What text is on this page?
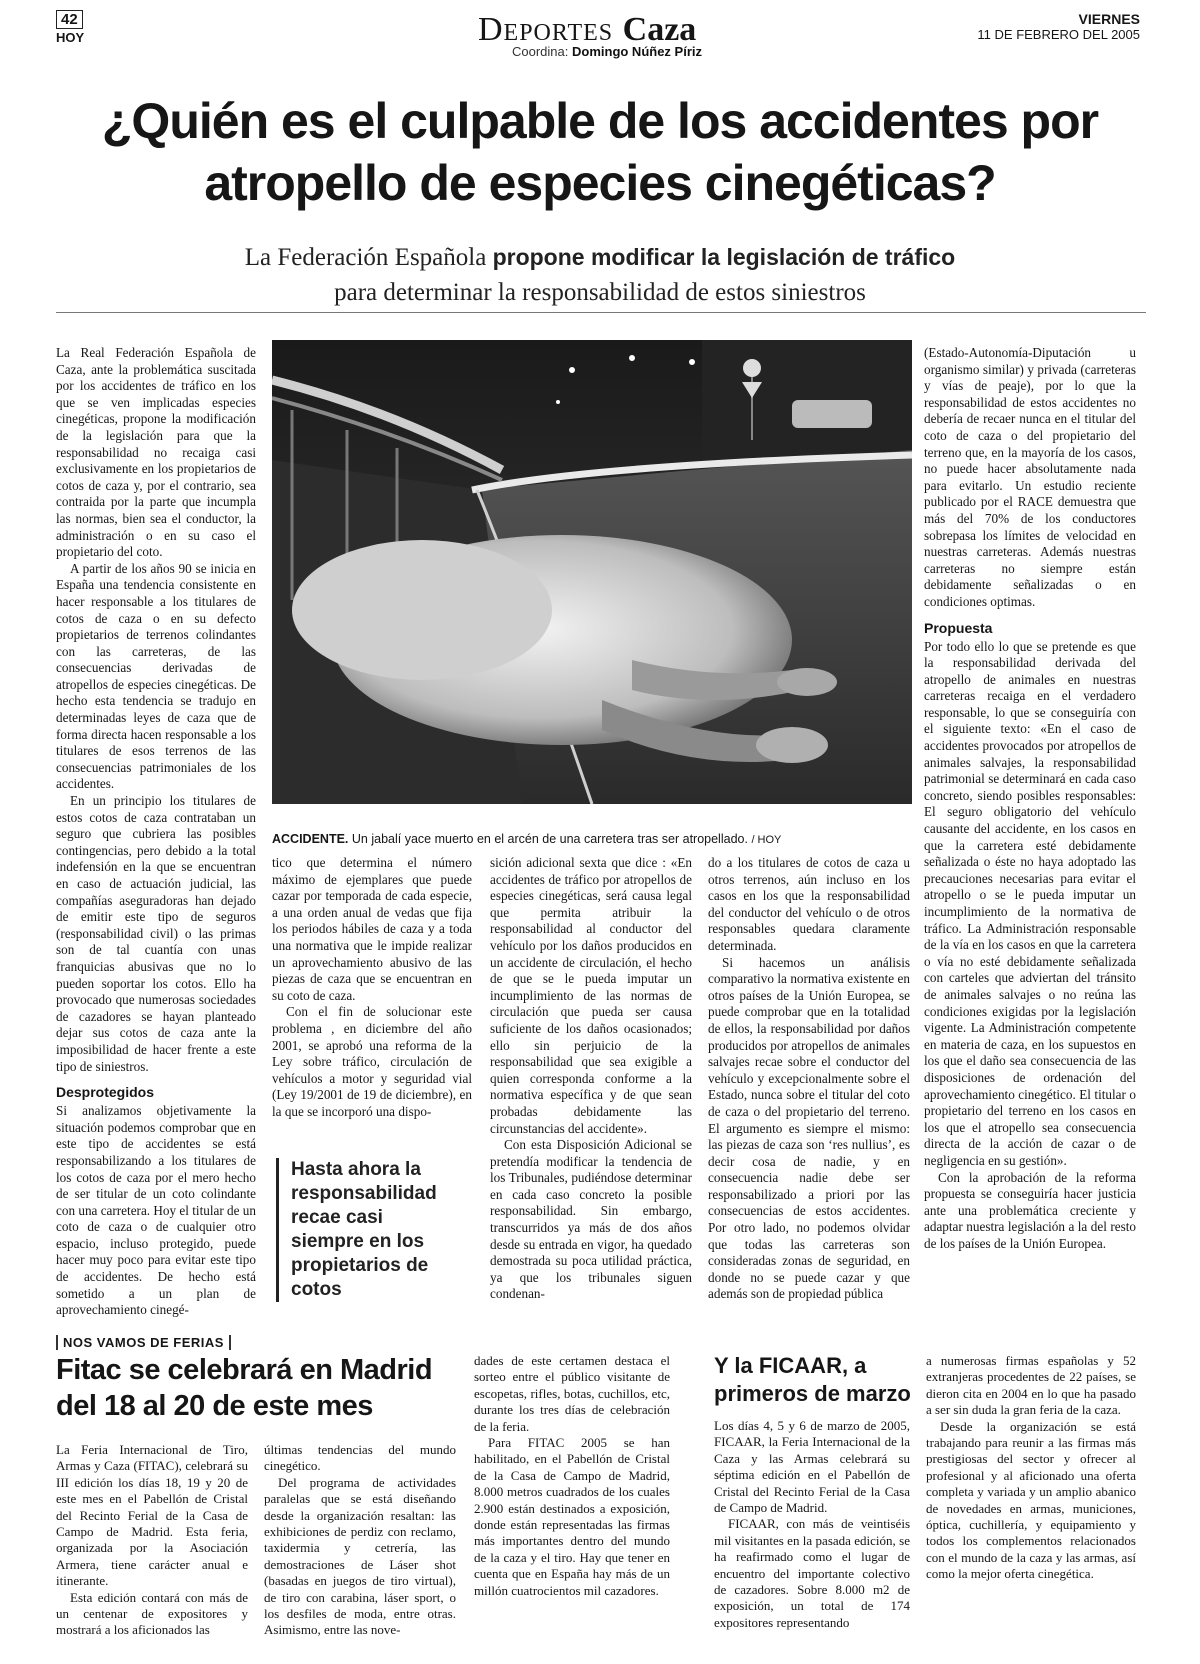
42
HOY	Deportes Caza
Coordina: Domingo Núñez Píriz
VIERNES
11 DE FEBRERO DEL 2005
¿Quién es el culpable de los accidentes por atropello de especies cinegéticas?
La Federación Española propone modificar la legislación de tráfico
para determinar la responsabilidad de estos siniestros

La Real Federación Española de Caza, ante la problemática suscitada por los accidentes de tráfico en los que se ven implicadas especies cinegéticas, propone la modificación de la legislación para que la responsabilidad no recaiga casi exclusivamente en los propietarios de cotos de caza y, por el contrario, sea contraida por la parte que incumpla las normas, bien sea el conductor, la administración o en su caso el propietario del coto.

A partir de los años 90 se inicia en España una tendencia consistente en hacer responsable a los titulares de cotos de caza o en su defecto propietarios de terrenos colindantes con las carreteras, de las consecuencias derivadas de atropellos de especies cinegéticas. De hecho esta tendencia se tradujo en determinadas leyes de caza que de forma directa hacen responsable a los titulares de esos terrenos de las consecuencias patrimoniales de los accidentes.

En un principio los titulares de estos cotos de caza contrataban un seguro que cubriera las posibles contingencias, pero debido a la total indefensión en la que se encuentran en caso de actuación judicial, las compañías aseguradoras han dejado de emitir este tipo de seguros (responsabilidad civil) o las primas son de tal cuantía con unas franquicias abusivas que no lo pueden soportar los cotos. Ello ha provocado que numerosas sociedades de cazadores se hayan planteado dejar sus cotos de caza ante la imposibilidad de hacer frente a este tipo de siniestros.

Desprotegidos

Si analizamos objetivamente la situación podemos comprobar que en este tipo de accidentes se está responsabilizando a los titulares de los cotos de caza por el mero hecho de ser titular de un coto colindante con una carretera. Hoy el titular de un coto de caza o de cualquier otro espacio, incluso protegido, puede hacer muy poco para evitar este tipo de accidentes. De hecho está sometido a un plan de aprovechamiento cinegé-

ACCIDENTE. Un jabalí yace muerto en el arcén de una carretera tras ser atropellado. / HOY

tico que determina el número máximo de ejemplares que puede cazar por temporada de cada especie, a una orden anual de vedas que fija los periodos hábiles de caza y a toda una normativa que le impide realizar un aprovechamiento abusivo de las piezas de caza que se encuentran en su coto de caza.

Con el fin de solucionar este problema , en diciembre del año 2001, se aprobó una reforma de la Ley sobre tráfico, circulación de vehículos a motor y seguridad vial (Ley 19/2001 de 19 de diciembre), en la que se incorporó una dispo-

Hasta ahora la responsabilidad recae casi siempre en los propietarios de cotos

sición adicional sexta que dice : «En accidentes de tráfico por atropellos de especies cinegéticas, será causa legal que permita atribuir la responsabilidad al conductor del vehículo por los daños producidos en un accidente de circulación, el hecho de que se le pueda imputar un incumplimiento de las normas de circulación que pueda ser causa suficiente de los daños ocasionados; ello sin perjuicio de la responsabilidad que sea exigible a quien corresponda conforme a la normativa específica y de que sean probadas debidamente las circunstancias del accidente».

Con esta Disposición Adicional se pretendía modificar la tendencia de los Tribunales, pudiéndose determinar en cada caso concreto la posible responsabilidad. Sin embargo, transcurridos ya más de dos años desde su entrada en vigor, ha quedado demostrada su poca utilidad práctica, ya que los tribunales siguen condenan-

do a los titulares de cotos de caza u otros terrenos, aún incluso en los casos en los que la responsabilidad del conductor del vehículo o de otros responsables quedara claramente determinada.

Si hacemos un análisis comparativo la normativa existente en otros países de la Unión Europea, se puede comprobar que en la totalidad de ellos, la responsabilidad por daños producidos por atropellos de animales salvajes recae sobre el conductor del vehículo y excepcionalmente sobre el Estado, nunca sobre el titular del coto de caza o del propietario del terreno. El argumento es siempre el mismo: las piezas de caza son ‘res nullius’, es decir cosa de nadie, y en consecuencia nadie debe ser responsabilizado a priori por las consecuencias de estos accidentes. Por otro lado, no podemos olvidar que todas las carreteras son consideradas zonas de seguridad, en donde no se puede cazar y que además son de propiedad pública

(Estado-Autonomía-Diputación u organismo similar) y privada (carreteras y vías de peaje), por lo que la responsabilidad de estos accidentes no debería de recaer nunca en el titular del coto de caza o del propietario del terreno que, en la mayoría de los casos, no puede hacer absolutamente nada para evitarlo. Un estudio reciente publicado por el RACE demuestra que más del 70% de los conductores sobrepasa los límites de velocidad en nuestras carreteras. Además nuestras carreteras no siempre están debidamente señalizadas o en condiciones optimas.

Propuesta

Por todo ello lo que se pretende es que la responsabilidad derivada del atropello de animales en nuestras carreteras recaiga en el verdadero responsable, lo que se conseguiría con el siguiente texto: «En el caso de accidentes provocados por atropellos de animales salvajes, la responsabilidad patrimonial se determinará en cada caso concreto, siendo posibles responsables: El seguro obligatorio del vehículo causante del accidente, en los casos en que la carretera esté debidamente señalizada o éste no haya adoptado las precauciones necesarias para evitar el atropello o se le pueda imputar un incumplimiento de la normativa de tráfico. La Administración responsable de la vía en los casos en que la carretera o vía no esté debidamente señalizada con carteles que adviertan del tránsito de animales salvajes o no reúna las condiciones exigidas por la legislación vigente. La Administración competente en materia de caza, en los supuestos en los que el daño sea consecuencia de las disposiciones de ordenación del aprovechamiento cinegético. El titular o propietario del terreno en los casos en los que el atropello sea consecuencia directa de la acción de cazar o de negligencia en su gestión».

Con la aprobación de la reforma propuesta se conseguiría hacer justicia ante una problemática creciente y adaptar nuestra legislación a la del resto de los países de la Unión Europea.

NOS VAMOS DE FERIAS
Fitac se celebrará en Madrid del 18 al 20 de este mes

La Feria Internacional de Tiro, Armas y Caza (FITAC), celebrará su III edición los días 18, 19 y 20 de este mes en el Pabellón de Cristal del Recinto Ferial de la Casa de Campo de Madrid. Esta feria, organizada por la Asociación Armera, tiene carácter anual e itinerante.

Esta edición contará con más de un centenar de expositores y mostrará a los aficionados las

últimas tendencias del mundo cinegético.

Del programa de actividades paralelas que se está diseñando desde la organización resaltan: las exhibiciones de perdiz con reclamo, taxidermia y cetrería, las demostraciones de Láser shot (basadas en juegos de tiro virtual), de tiro con carabina, láser sport, o los desfiles de moda, entre otras. Asimismo, entre las nove-

dades de este certamen destaca el sorteo entre el público visitante de escopetas, rifles, botas, cuchillos, etc, durante los tres días de celebración de la feria.

Para FITAC 2005 se han habilitado, en el Pabellón de Cristal de la Casa de Campo de Madrid, 8.000 metros cuadrados de los cuales 2.900 están destinados a exposición, donde están representadas las firmas más importantes dentro del mundo de la caza y el tiro. Hay que tener en cuenta que en España hay más de un millón cuatrocientos mil cazadores.

Y la FICAAR, a primeros de marzo

Los días 4, 5 y 6 de marzo de 2005, FICAAR, la Feria Internacional de la Caza y las Armas celebrará su séptima edición en el Pabellón de Cristal del Recinto Ferial de la Casa de Campo de Madrid.

FICAAR, con más de veintiséis mil visitantes en la pasada edición, se ha reafirmado como el lugar de encuentro del importante colectivo de cazadores. Sobre 8.000 m2 de exposición, un total de 174 expositores representando

a numerosas firmas españolas y 52 extranjeras procedentes de 22 países, se dieron cita en 2004 en lo que ha pasado a ser sin duda la gran feria de la caza.

Desde la organización se está trabajando para reunir a las firmas más prestigiosas del sector y ofrecer al profesional y al aficionado una oferta completa y variada y un amplio abanico de novedades en armas, municiones, óptica, cuchillería, y equipamiento y todos los complementos relacionados con el mundo de la caza y las armas, así como la mejor oferta cinegética.
